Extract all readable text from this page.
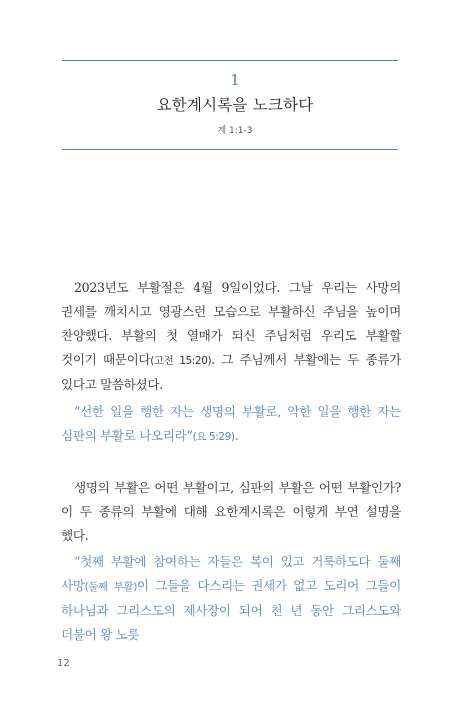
1
요한계시록을 노크하다
계 1:1-3

2023년도 부활절은 4월 9일이었다. 그날 우리는 사망의 권세를 깨치시고 영광스런 모습으로 부활하신 주님을 높이며 찬양했다. 부활의 첫 열매가 되신 주님처럼 우리도 부활할 것이기 때문이다(고전 15:20). 그 주님께서 부활에는 두 종류가 있다고 말씀하셨다.

“선한 일을 행한 자는 생명의 부활로, 악한 일을 행한 자는 심판의 부활로 나오리라”(요 5:29).

생명의 부활은 어떤 부활이고, 심판의 부활은 어떤 부활인가? 이 두 종류의 부활에 대해 요한계시록은 이렇게 부연 설명을 했다.

“첫째 부활에 참여하는 자들은 복이 있고 거룩하도다 둘째 사망(둘째 부활)이 그들을 다스리는 권세가 없고 도리어 그들이 하나님과 그리스도의 제사장이 되어 천 년 동안 그리스도와 더불어 왕 노릇

12
